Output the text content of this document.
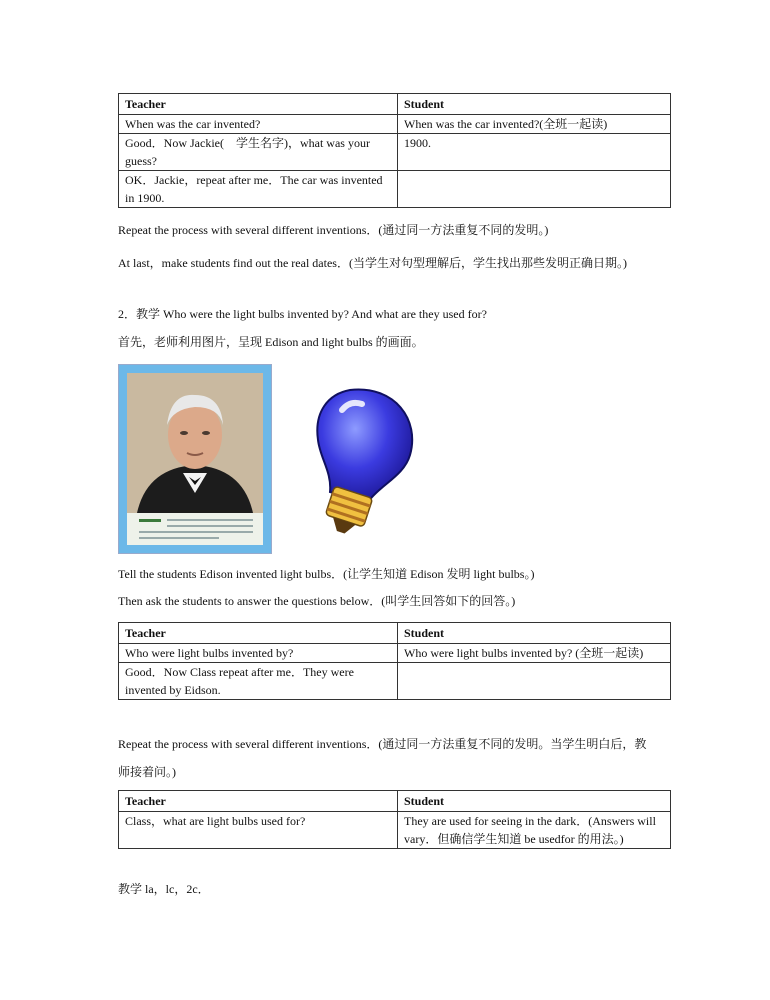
Teacher	Student
When was the car invented?	When was the car invented?(全班一起读)
Good．Now Jackie(　学生名字)，what was your guess?	1900.
OK．Jackie，repeat after me．The car was invented in 1900.	
Repeat the process with several different inventions．(通过同一方法重复不同的发明。)
At last，make students find out the real dates．(当学生对句型理解后，学生找出那些发明正确日期。)
2．教学 Who were the light bulbs invented by? And what are they used for?
首先，老师利用图片，呈现 Edison and light bulbs 的画面。
Tell the students Edison invented light bulbs．(让学生知道 Edison 发明 light bulbs。)
Then ask the students to answer the questions below．(叫学生回答如下的回答。)
Teacher	Student
Who were light bulbs invented by?	Who were light bulbs invented by? (全班一起读)
Good．Now Class repeat after me．They were invented by Eidson.	
Repeat the process with several different inventions．(通过同一方法重复不同的发明。当学生明白后，教师接着问。)
Teacher	Student
Class，what are light bulbs used for?	They are used for seeing in the dark．(Answers will vary．但确信学生知道 be usedfor 的用法。)
教学 la，lc，2c．
